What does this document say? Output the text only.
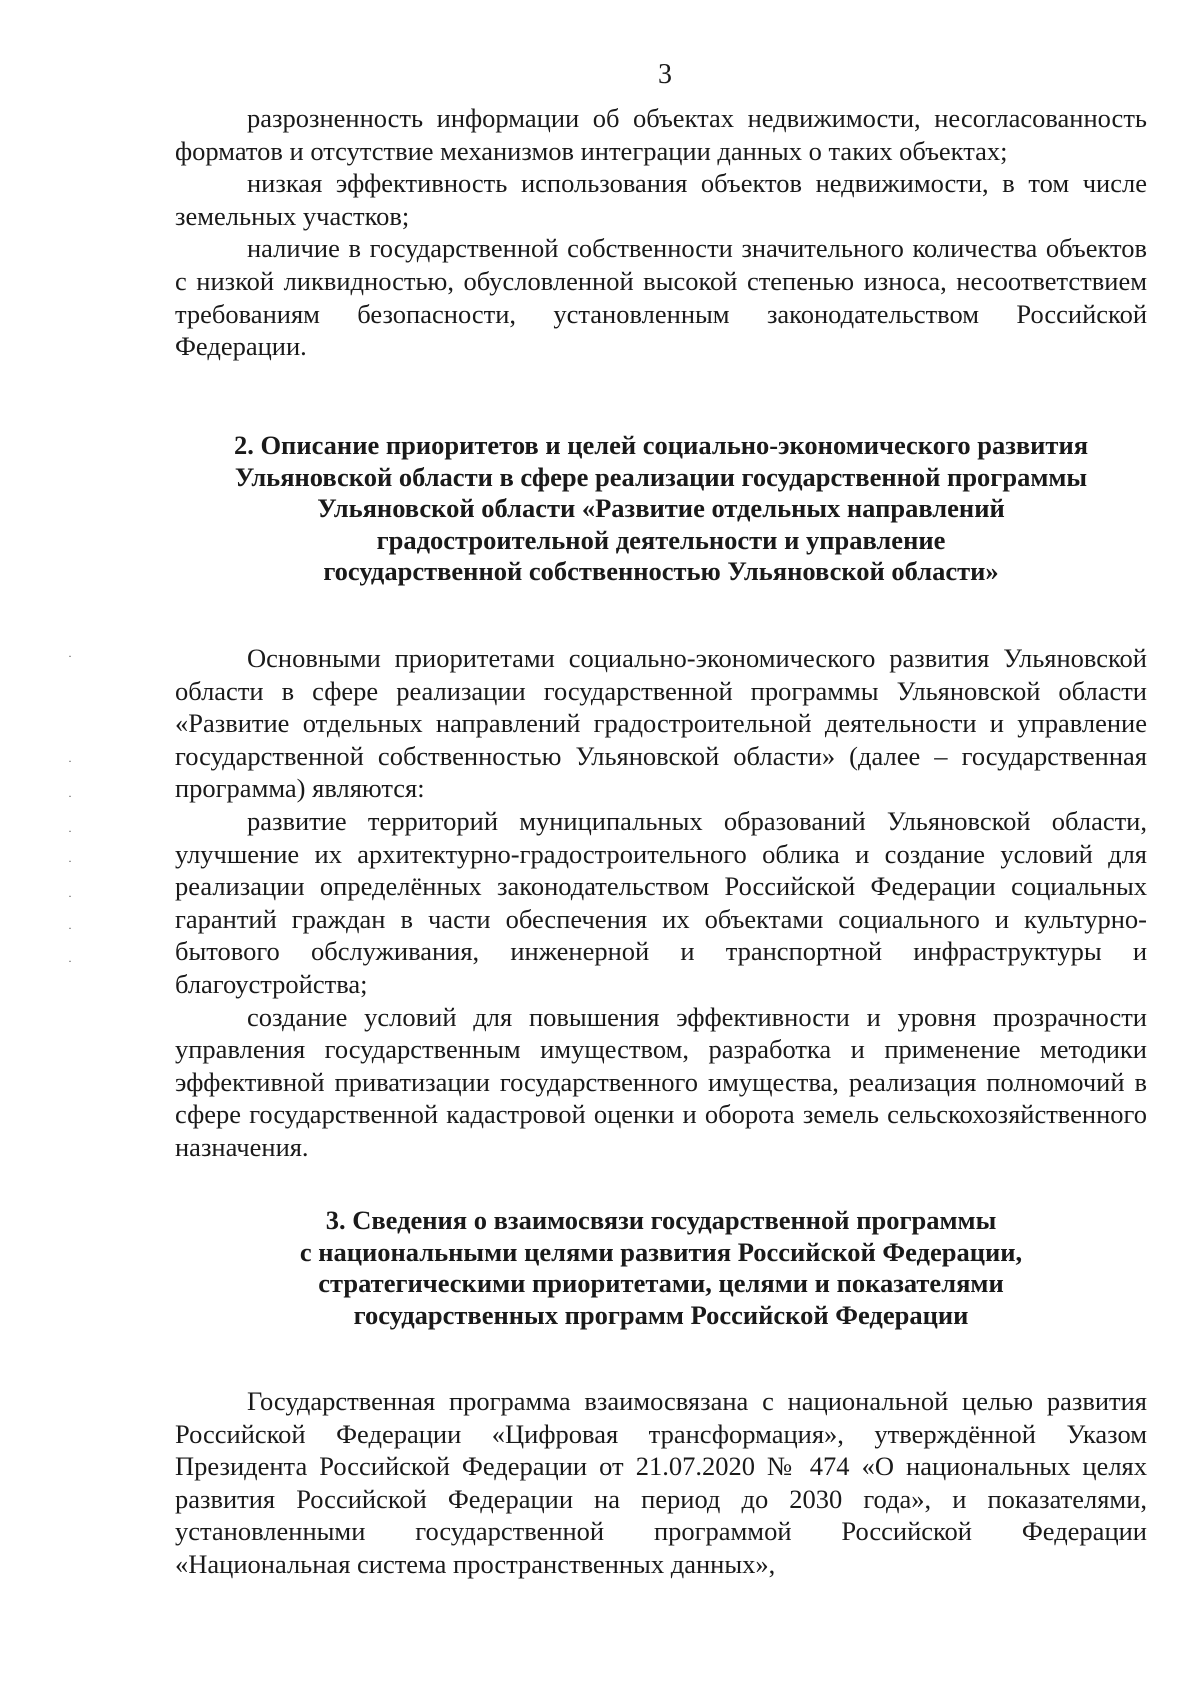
3

разрозненность информации об объектах недвижимости, несогласованность форматов и отсутствие механизмов интеграции данных о таких объектах;

низкая эффективность использования объектов недвижимости, в том числе земельных участков;

наличие в государственной собственности значительного количества объектов с низкой ликвидностью, обусловленной высокой степенью износа, несоответствием требованиям безопасности, установленным законодательством Российской Федерации.

2. Описание приоритетов и целей социально-экономического развития
Ульяновской области в сфере реализации государственной программы
Ульяновской области «Развитие отдельных направлений
градостроительной деятельности и управление
государственной собственностью Ульяновской области»

Основными приоритетами социально-экономического развития Ульяновской области в сфере реализации государственной программы Ульяновской области «Развитие отдельных направлений градостроительной деятельности и управление государственной собственностью Ульяновской области» (далее – государственная программа) являются:

развитие территорий муниципальных образований Ульяновской области, улучшение их архитектурно-градостроительного облика и создание условий для реализации определённых законодательством Российской Федерации социальных гарантий граждан в части обеспечения их объектами социального и культурно-бытового обслуживания, инженерной и транспортной инфраструктуры и благоустройства;

создание условий для повышения эффективности и уровня прозрачности управления государственным имуществом, разработка и применение методики эффективной приватизации государственного имущества, реализация полномочий в сфере государственной кадастровой оценки и оборота земель сельскохозяйственного назначения.

3. Сведения о взаимосвязи государственной программы
с национальными целями развития Российской Федерации,
стратегическими приоритетами, целями и показателями
государственных программ Российской Федерации

Государственная программа взаимосвязана с национальной целью развития Российской Федерации «Цифровая трансформация», утверждённой Указом Президента Российской Федерации от 21.07.2020 № 474 «О национальных целях развития Российской Федерации на период до 2030 года», и показателями, установленными государственной программой Российской Федерации «Национальная система пространственных данных»,

·
·
·
·
·
·
·
·
